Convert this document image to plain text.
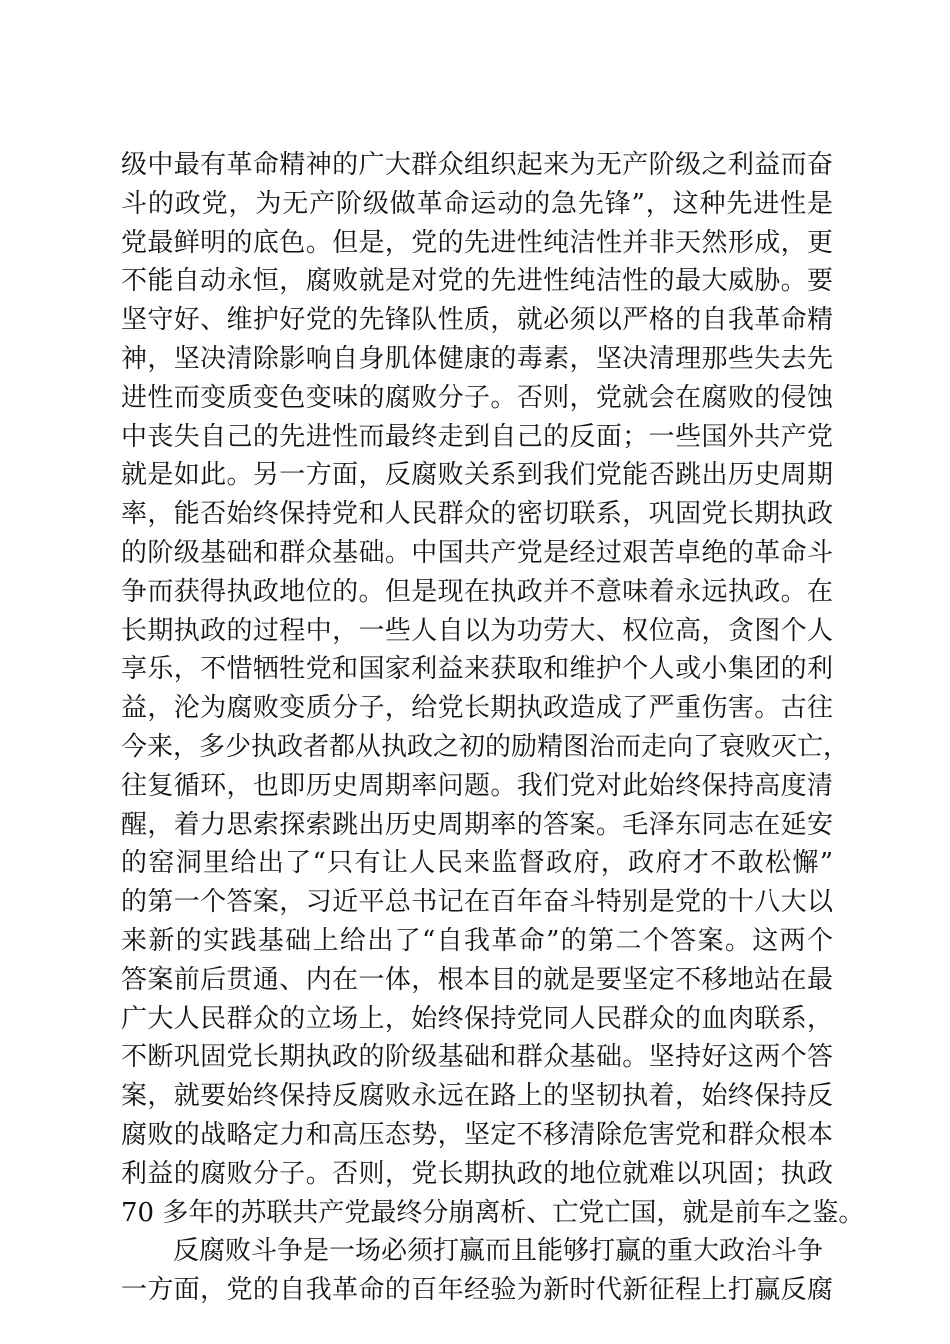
级中最有革命精神的广大群众组织起来为无产阶级之利益而奋
斗的政党，为无产阶级做革命运动的急先锋”，这种先进性是
党最鲜明的底色。但是，党的先进性纯洁性并非天然形成，更
不能自动永恒，腐败就是对党的先进性纯洁性的最大威胁。要
坚守好、维护好党的先锋队性质，就必须以严格的自我革命精
神，坚决清除影响自身肌体健康的毒素，坚决清理那些失去先
进性而变质变色变味的腐败分子。否则，党就会在腐败的侵蚀
中丧失自己的先进性而最终走到自己的反面；一些国外共产党
就是如此。另一方面，反腐败关系到我们党能否跳出历史周期
率，能否始终保持党和人民群众的密切联系，巩固党长期执政
的阶级基础和群众基础。中国共产党是经过艰苦卓绝的革命斗
争而获得执政地位的。但是现在执政并不意味着永远执政。在
长期执政的过程中，一些人自以为功劳大、权位高，贪图个人
享乐，不惜牺牲党和国家利益来获取和维护个人或小集团的利
益，沦为腐败变质分子，给党长期执政造成了严重伤害。古往
今来，多少执政者都从执政之初的励精图治而走向了衰败灭亡，
往复循环，也即历史周期率问题。我们党对此始终保持高度清
醒，着力思索探索跳出历史周期率的答案。毛泽东同志在延安
的窑洞里给出了“只有让人民来监督政府，政府才不敢松懈”
的第一个答案，习近平总书记在百年奋斗特别是党的十八大以
来新的实践基础上给出了“自我革命”的第二个答案。这两个
答案前后贯通、内在一体，根本目的就是要坚定不移地站在最
广大人民群众的立场上，始终保持党同人民群众的血肉联系，
不断巩固党长期执政的阶级基础和群众基础。坚持好这两个答
案，就要始终保持反腐败永远在路上的坚韧执着，始终保持反
腐败的战略定力和高压态势，坚定不移清除危害党和群众根本
利益的腐败分子。否则，党长期执政的地位就难以巩固；执政
70 多年的苏联共产党最终分崩离析、亡党亡国，就是前车之鉴。
反腐败斗争是一场必须打赢而且能够打赢的重大政治斗争
一方面，党的自我革命的百年经验为新时代新征程上打赢反腐
